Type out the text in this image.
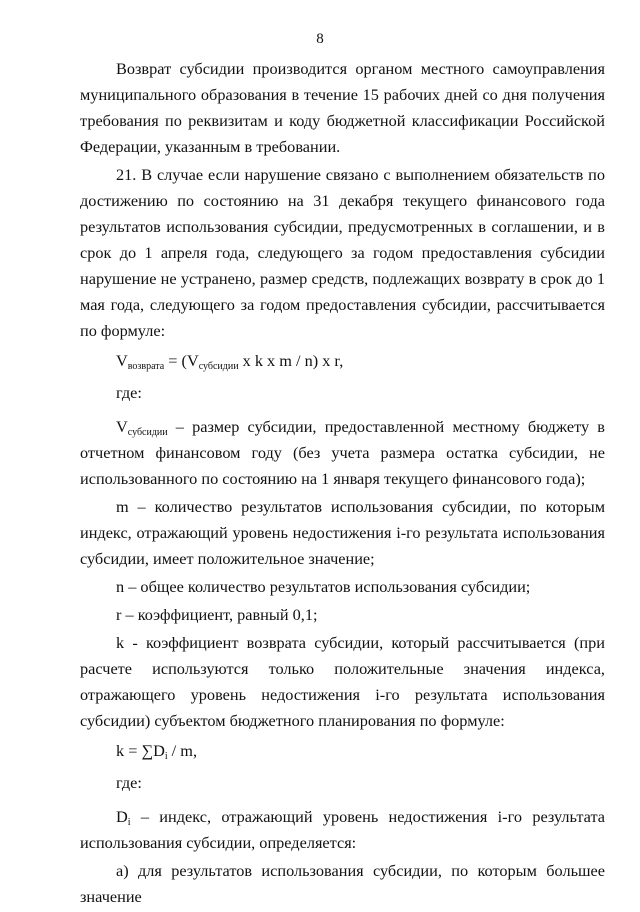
8

Возврат субсидии производится органом местного самоуправления муниципального образования в течение 15 рабочих дней со дня получения требования по реквизитам и коду бюджетной классификации Российской Федерации, указанным в требовании.

21. В случае если нарушение связано с выполнением обязательств по достижению по состоянию на 31 декабря текущего финансового года результатов использования субсидии, предусмотренных в соглашении, и в срок до 1 апреля года, следующего за годом предоставления субсидии нарушение не устранено, размер средств, подлежащих возврату в срок до 1 мая года, следующего за годом предоставления субсидии, рассчитывается по формуле:

$V_{возврата} = (V_{субсидии}$ x k x m / n) x r,

где:

$V_{субсидии}$ – размер субсидии, предоставленной местному бюджету в отчетном финансовом году (без учета размера остатка субсидии, не использованного по состоянию на 1 января текущего финансового года);

m – количество результатов использования субсидии, по которым индекс, отражающий уровень недостижения i-го результата использования субсидии, имеет положительное значение;

n – общее количество результатов использования субсидии;

r – коэффициент, равный 0,1;

k - коэффициент возврата субсидии, который рассчитывается (при расчете используются только положительные значения индекса, отражающего уровень недостижения i-го результата использования субсидии) субъектом бюджетного планирования по формуле:

$k = \sum D_i / m$,

где:

$D_i$ – индекс, отражающий уровень недостижения i-го результата использования субсидии, определяется:

а) для результатов использования субсидии, по которым большее значение
